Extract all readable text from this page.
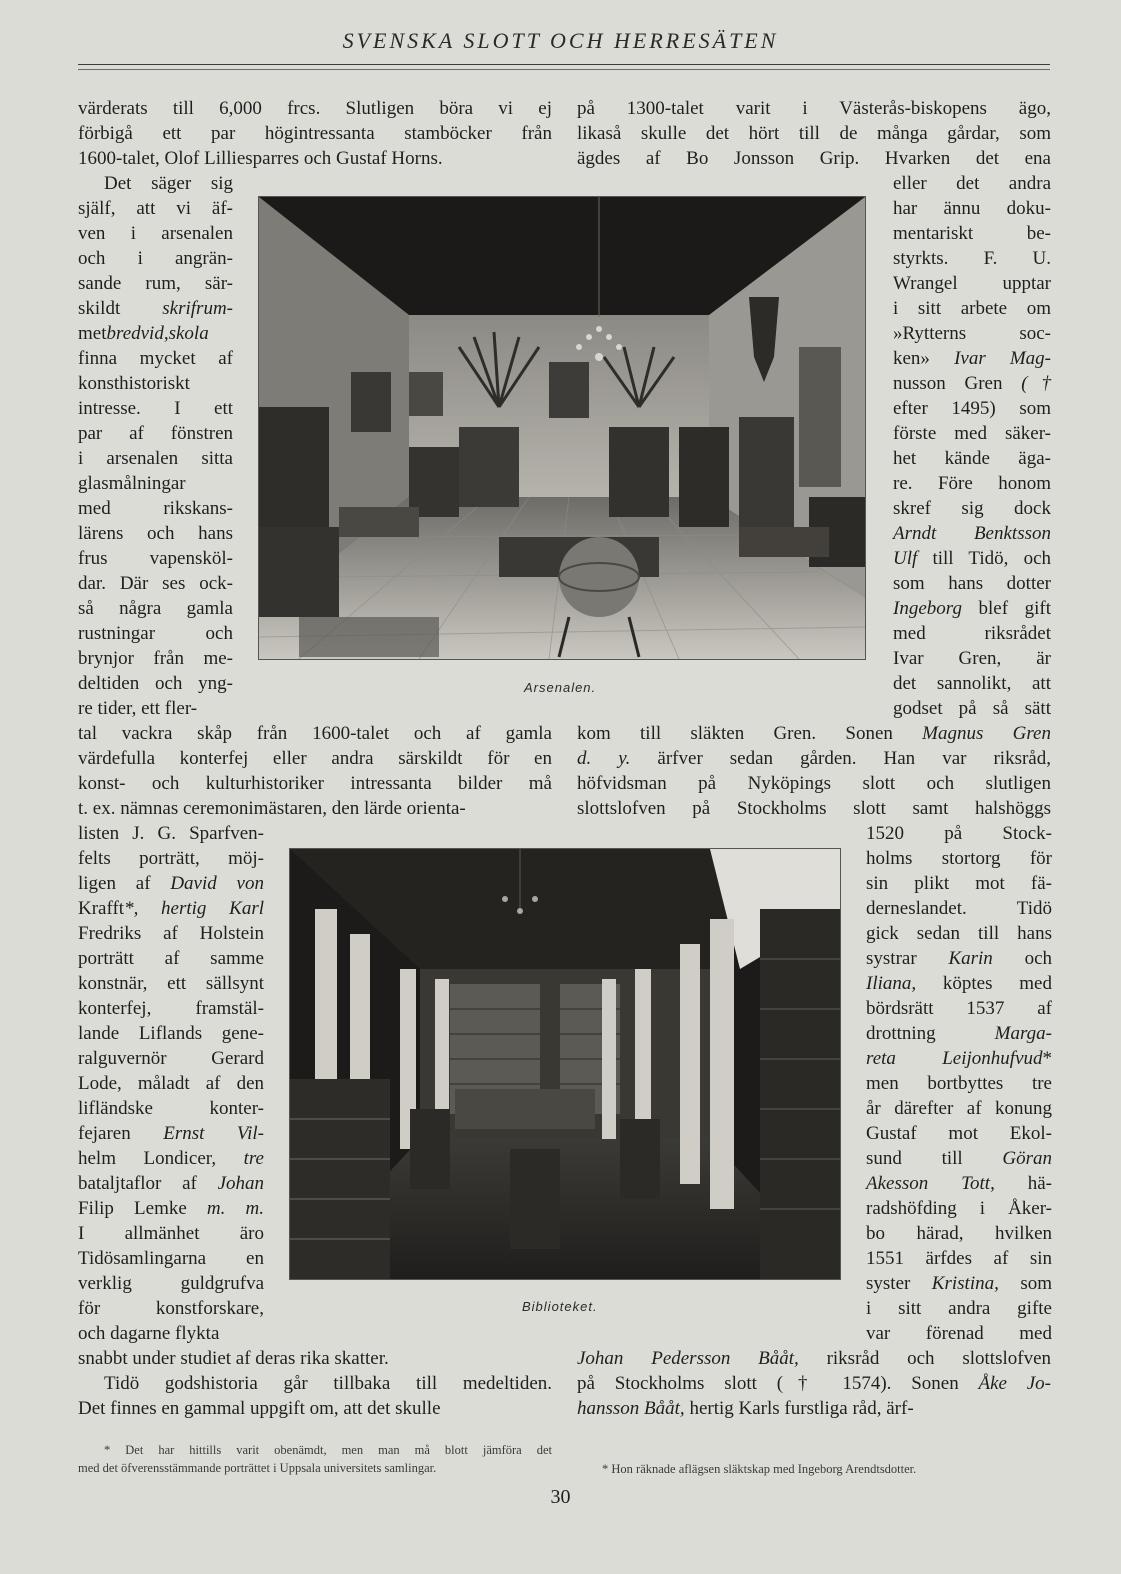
SVENSKA SLOTT OCH HERRESÄTEN
värderats till 6,000 frcs. Slutligen böra vi ej
förbigå ett par högintressanta stamböcker från
1600-talet, Olof Lilliesparres och Gustaf Horns.
Det säger sig
själf, att vi äf-
ven i arsenalen
och i angrän-
sande rum, sär-
skildt skrifrum-
metbredvid,skola
finna mycket af
konsthistoriskt
intresse. I ett
par af fönstren
i arsenalen sitta
glasmålningar
med rikskans-
lärens och hans
frus vapensköl-
dar. Där ses ock-
så några gamla
rustningar och
brynjor från me-
deltiden och yng-
re tider, ett fler-
tal vackra skåp från 1600-talet och af gamla
värdefulla konterfej eller andra särskildt för en
konst- och kulturhistoriker intressanta bilder må
t. ex. nämnas ceremonimästaren, den lärde orienta-
listen J. G. Sparfven-
felts porträtt, möj-
ligen af David von
Krafft*, hertig Karl
Fredriks af Holstein
porträtt af samme
konstnär, ett sällsynt
konterfej, framstäl-
lande Liflands gene-
ralguvernör Gerard
Lode, måladt af den
lifländske konter-
fejaren Ernst Vil-
helm Londicer, tre
bataljtaflor af Johan
Filip Lemke m. m.
I allmänhet äro
Tidösamlingarna en
verklig guldgrufva
för konstforskare,
och dagarne flykta
snabbt under studiet af deras rika skatter.
Tidö godshistoria går tillbaka till medeltiden.
Det finnes en gammal uppgift om, att det skulle
på 1300-talet varit i Västerås-biskopens ägo,
likaså skulle det hört till de många gårdar, som
ägdes af Bo Jonsson Grip. Hvarken det ena
eller det andra
har ännu doku-
mentariskt be-
styrkts. F. U.
Wrangel upptar
i sitt arbete om
»Rytterns soc-
ken» Ivar Mag-
nusson Gren (†
efter 1495) som
förste med säker-
het kände äga-
re. Före honom
skref sig dock
Arndt Benktsson
Ulf till Tidö, och
som hans dotter
Ingeborg blef gift
med riksrådet
Ivar Gren, är
det sannolikt, att
godset på så sätt
kom till släkten Gren. Sonen Magnus Gren
d. y. ärfver sedan gården. Han var riksråd,
höfvidsman på Nyköpings slott och slutligen
slottslofven på Stockholms slott samt halshöggs
1520 på Stock-
holms stortorg för
sin plikt mot fä-
derneslandet. Tidö
gick sedan till hans
systrar Karin och
Iliana, köptes med
bördsrätt 1537 af
drottning Marga-
reta Leijonhufvud*
men bortbyttes tre
år därefter af konung
Gustaf mot Ekol-
sund till Göran
Akesson Tott, hä-
radshöfding i Åker-
bo härad, hvilken
1551 ärfdes af sin
syster Kristina, som
i sitt andra gifte
var förenad med
Johan Pedersson Bååt, riksråd och slottslofven
på Stockholms slott († 1574). Sonen Åke Jo-
hansson Bååt, hertig Karls furstliga råd, ärf-
Arsenalen.
Biblioteket.
* Det har hittills varit obenämdt, men man må blott jämföra det
med det öfverensstämmande porträttet i Uppsala universitets samlingar.	* Hon räknade aflägsen släktskap med Ingeborg Arendtsdotter.
30
